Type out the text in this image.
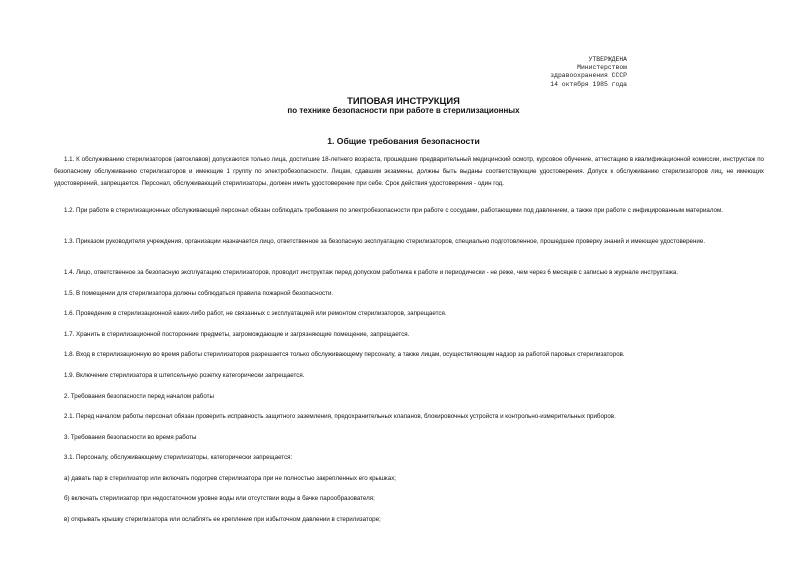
УТВЕРЖДЕНА
Министерством
здравоохранения СССР
14 октября 1985 года
ТИПОВАЯ ИНСТРУКЦИЯ
по технике безопасности при работе в стерилизационных
1. Общие требования безопасности
1.1. К обслуживанию стерилизаторов (автоклавов) допускаются только лица, достигшие 18-летнего возраста, прошедшие предварительный медицинский осмотр, курсовое обучение, аттестацию в квалификационной комиссии, инструктаж по безопасному обслуживанию стерилизаторов и имеющие 1 группу по электробезопасности. Лицам, сдавшим экзамены, должны быть выданы соответствующие удостоверения. Допуск к обслуживанию стерилизаторов лиц, не имеющих удостоверений, запрещается. Персонал, обслуживающий стерилизаторы, должен иметь удостоверение при себе. Срок действия удостоверения - один год.
1.2. При работе в стерилизационных обслуживающий персонал обязан соблюдать требования по электробезопасности при работе с сосудами, работающими под давлением, а также при работе с инфицированным материалом.
1.3. Приказом руководителя учреждения, организации назначается лицо, ответственное за безопасную эксплуатацию стерилизаторов, специально подготовленное, прошедшее проверку знаний и имеющее удостоверение.
1.4. Лицо, ответственное за безопасную эксплуатацию стерилизаторов, проводит инструктаж перед допуском работника к работе и периодически - не реже, чем через 6 месяцев с записью в журнале инструктажа.
1.5. В помещении для стерилизатора должны соблюдаться правила пожарной безопасности.
1.6. Проведение в стерилизационной каких-либо работ, не связанных с эксплуатацией или ремонтом стерилизаторов, запрещается.
1.7. Хранить в стерилизационной посторонние предметы, загромождающие и загрязняющие помещение, запрещается.
1.8. Вход в стерилизационную во время работы стерилизаторов разрешается только обслуживающему персоналу, а также лицам, осуществляющим надзор за работой паровых стерилизаторов.
1.9. Включение стерилизатора в штепсельную розетку категорически запрещается.
2. Требования безопасности перед началом работы
2.1. Перед началом работы персонал обязан проверить исправность защитного заземления, предохранительных клапанов, блокировочных устройств и контрольно-измерительных приборов.
3. Требования безопасности во время работы
3.1. Персоналу, обслуживающему стерилизаторы, категорически запрещается:
а) давать пар в стерилизатор или включать подогрев стерилизатора при не полностью закрепленных его крышках;
б) включать стерилизатор при недостаточном уровне воды или отсутствии воды в бачке парообразователя;
в) открывать крышку стерилизатора или ослаблять ее крепление при избыточном давлении в стерилизаторе;
